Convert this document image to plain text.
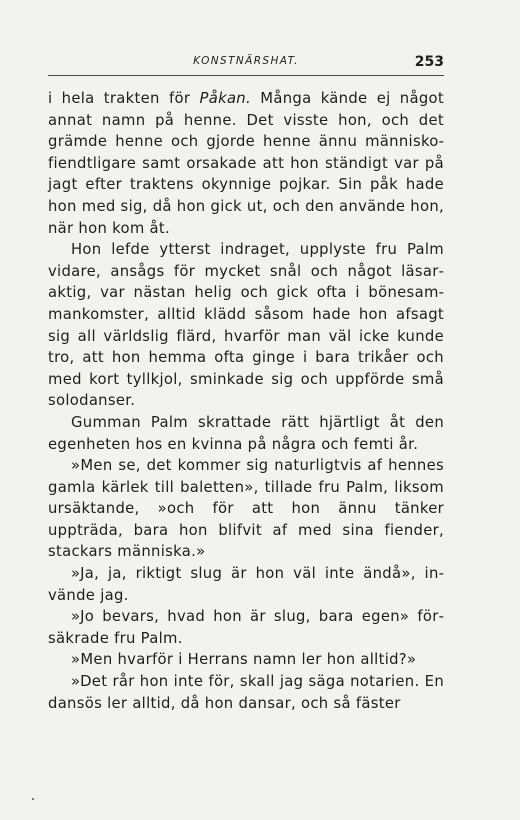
KONSTNÄRSHAT.	253

i hela trakten för Påkan. Många kände ej något annat namn på henne. Det visste hon, och det grämde henne och gjorde henne ännu människofiendtligare samt orsakade att hon ständigt var på jagt efter traktens okynnige pojkar. Sin påk hade hon med sig, då hon gick ut, och den använde hon, när hon kom åt.

Hon lefde ytterst indraget, upplyste fru Palm vidare, ansågs för mycket snål och något läsaraktig, var nästan helig och gick ofta i bönesammankomster, alltid klädd såsom hade hon afsagt sig all världslig flärd, hvarför man väl icke kunde tro, att hon hemma ofta ginge i bara trikåer och med kort tyllkjol, sminkade sig och uppförde små solodanser.

Gumman Palm skrattade rätt hjärtligt åt den egenheten hos en kvinna på några och femti år.

»Men se, det kommer sig naturligtvis af hennes gamla kärlek till baletten», tillade fru Palm, liksom ursäktande, »och för att hon ännu tänker uppträda, bara hon blifvit af med sina fiender, stackars människa.»

»Ja, ja, riktigt slug är hon väl inte ändå», invände jag.

»Jo bevars, hvad hon är slug, bara egen» försäkrade fru Palm.

»Men hvarför i Herrans namn ler hon alltid?»

»Det rår hon inte för, skall jag säga notarien. En dansös ler alltid, då hon dansar, och så fäster
